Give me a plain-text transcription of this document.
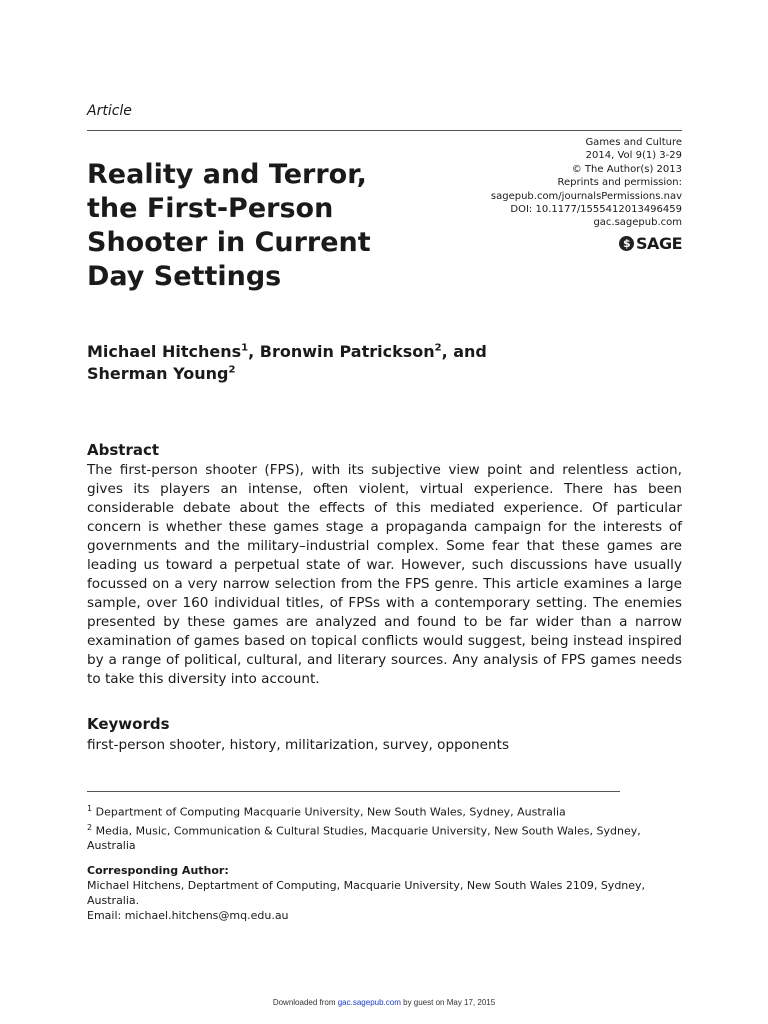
Article
Games and Culture
2014, Vol 9(1) 3-29
© The Author(s) 2013
Reprints and permission:
sagepub.com/journalsPermissions.nav
DOI: 10.1177/1555412013496459
gac.sagepub.com
$ SAGE
Reality and Terror,
the First-Person
Shooter in Current
Day Settings
Michael Hitchens$^1$, Bronwin Patrickson$^2$, and
Sherman Young$^2$
Abstract
The first-person shooter (FPS), with its subjective view point and relentless action, gives its players an intense, often violent, virtual experience. There has been considerable debate about the effects of this mediated experience. Of particular concern is whether these games stage a propaganda campaign for the interests of governments and the military–industrial complex. Some fear that these games are leading us toward a perpetual state of war. However, such discussions have usually focussed on a very narrow selection from the FPS genre. This article examines a large sample, over 160 individual titles, of FPSs with a contemporary setting. The enemies presented by these games are analyzed and found to be far wider than a narrow examination of games based on topical conflicts would suggest, being instead inspired by a range of political, cultural, and literary sources. Any analysis of FPS games needs to take this diversity into account.
Keywords
first-person shooter, history, militarization, survey, opponents

$^1$ Department of Computing Macquarie University, New South Wales, Sydney, Australia

$^2$ Media, Music, Communication & Cultural Studies, Macquarie University, New South Wales, Sydney, Australia

Corresponding Author:

Michael Hitchens, Deptartment of Computing, Macquarie University, New South Wales 2109, Sydney, Australia.

Email: michael.hitchens@mq.edu.au

Downloaded from gac.sagepub.com by guest on May 17, 2015
